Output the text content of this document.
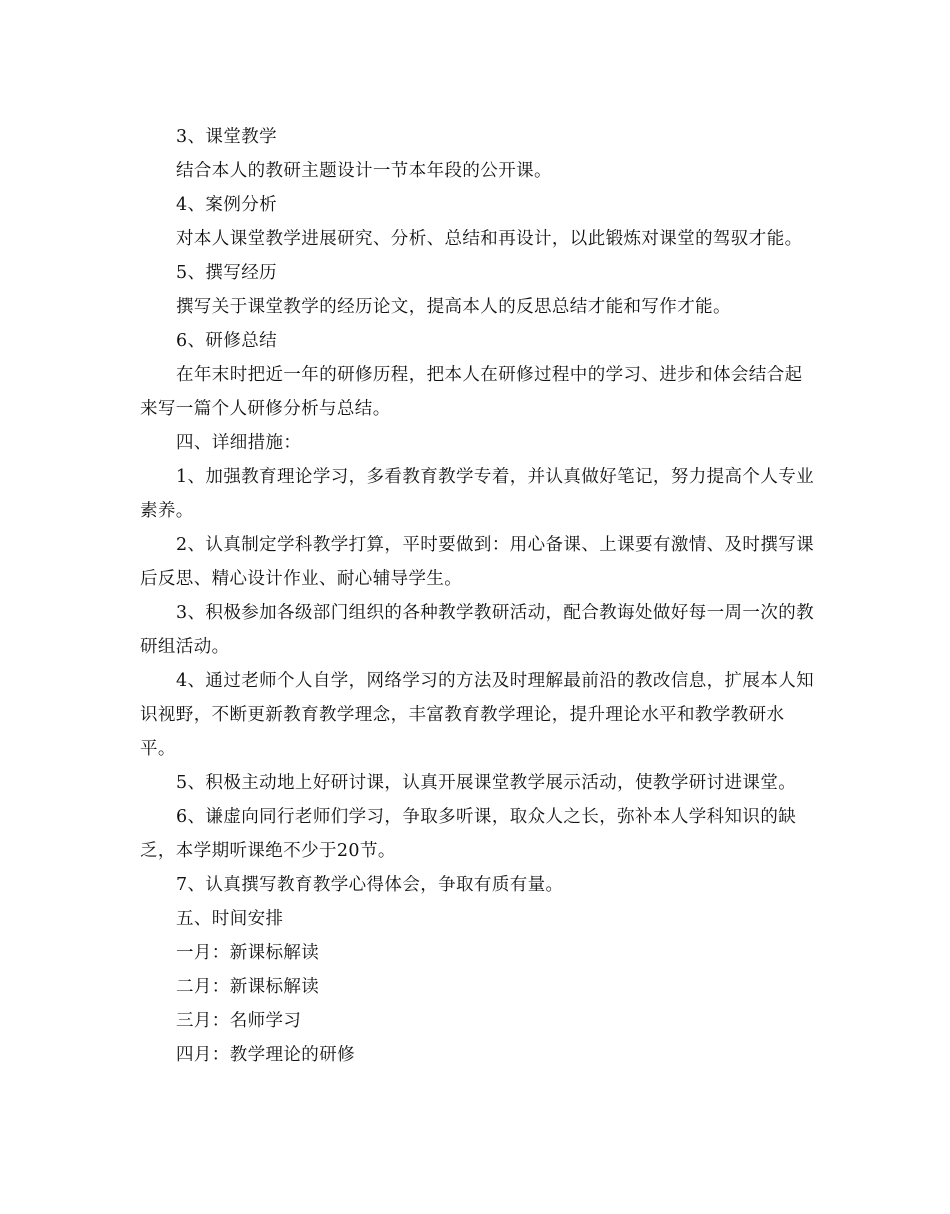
3、课堂教学

结合本人的教研主题设计一节本年段的公开课。

4、案例分析

对本人课堂教学进展研究、分析、总结和再设计，以此锻炼对课堂的驾驭才能。

5、撰写经历

撰写关于课堂教学的经历论文，提高本人的反思总结才能和写作才能。

6、研修总结

在年末时把近一年的研修历程，把本人在研修过程中的学习、进步和体会结合起来写一篇个人研修分析与总结。

四、详细措施：

1、加强教育理论学习，多看教育教学专着，并认真做好笔记，努力提高个人专业素养。

2、认真制定学科教学打算，平时要做到：用心备课、上课要有激情、及时撰写课后反思、精心设计作业、耐心辅导学生。

3、积极参加各级部门组织的各种教学教研活动，配合教诲处做好每一周一次的教研组活动。

4、通过老师个人自学，网络学习的方法及时理解最前沿的教改信息，扩展本人知识视野，不断更新教育教学理念，丰富教育教学理论，提升理论水平和教学教研水平。

5、积极主动地上好研讨课，认真开展课堂教学展示活动，使教学研讨进课堂。

6、谦虚向同行老师们学习，争取多听课，取众人之长，弥补本人学科知识的缺乏，本学期听课绝不少于20节。

7、认真撰写教育教学心得体会，争取有质有量。

五、时间安排

一月：新课标解读

二月：新课标解读

三月：名师学习

四月：教学理论的研修
